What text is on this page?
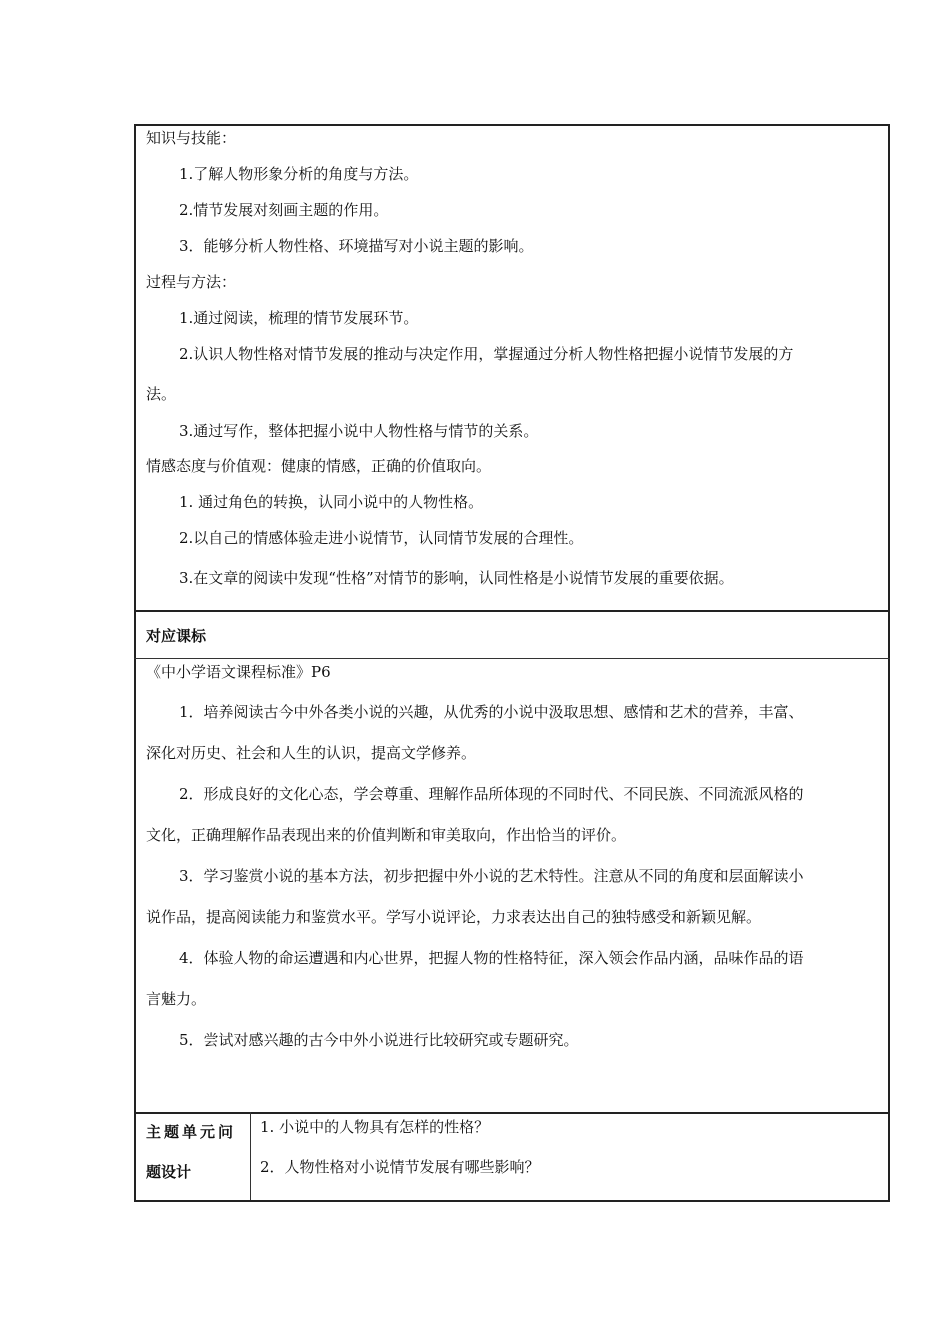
知识与技能：
1.了解人物形象分析的角度与方法。
2.情节发展对刻画主题的作用。
3．能够分析人物性格、环境描写对小说主题的影响。
过程与方法：
1.通过阅读，梳理的情节发展环节。
2.认识人物性格对情节发展的推动与决定作用，掌握通过分析人物性格把握小说情节发展的方
法。
3.通过写作，整体把握小说中人物性格与情节的关系。
情感态度与价值观：健康的情感，正确的价值取向。
1. 通过角色的转换，认同小说中的人物性格。
2.以自己的情感体验走进小说情节，认同情节发展的合理性。
3.在文章的阅读中发现“性格”对情节的影响，认同性格是小说情节发展的重要依据。
对应课标
《中小学语文课程标准》P6
1．培养阅读古今中外各类小说的兴趣，从优秀的小说中汲取思想、感情和艺术的营养，丰富、
深化对历史、社会和人生的认识，提高文学修养。
2．形成良好的文化心态，学会尊重、理解作品所体现的不同时代、不同民族、不同流派风格的
文化，正确理解作品表现出来的价值判断和审美取向，作出恰当的评价。
3．学习鉴赏小说的基本方法，初步把握中外小说的艺术特性。注意从不同的角度和层面解读小
说作品，提高阅读能力和鉴赏水平。学写小说评论，力求表达出自己的独特感受和新颖见解。
4．体验人物的命运遭遇和内心世界，把握人物的性格特征，深入领会作品内涵，品味作品的语
言魅力。
5．尝试对感兴趣的古今中外小说进行比较研究或专题研究。
主题单元问
题设计
1. 小说中的人物具有怎样的性格？
2．人物性格对小说情节发展有哪些影响？
